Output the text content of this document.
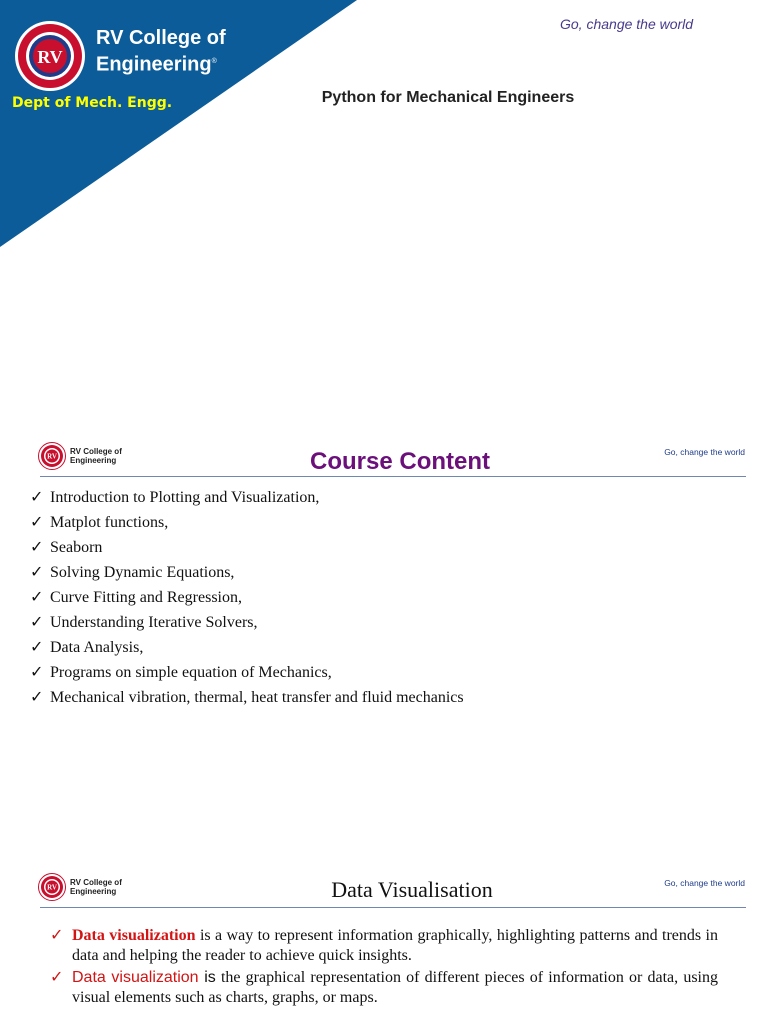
RV
RV College of
Engineering®
Dept of Mech. Engg.
Go, change the world
Python for Mechanical Engineers
RV
RV College of
Engineering
Go, change the world
Course Content
✓ Introduction to Plotting and Visualization,
✓ Matplot functions,
✓ Seaborn
✓ Solving Dynamic Equations,
✓ Curve Fitting and Regression,
✓ Understanding Iterative Solvers,
✓ Data Analysis,
✓ Programs on simple equation of Mechanics,
✓ Mechanical vibration, thermal, heat transfer and fluid mechanics
RV
RV College of
Engineering
Go, change the world
Data Visualisation
✓ Data visualization is a way to represent information graphically, highlighting patterns and trends in data and helping the reader to achieve quick insights.
✓ Data visualization is the graphical representation of different pieces of information or data, using visual elements such as charts, graphs, or maps.
